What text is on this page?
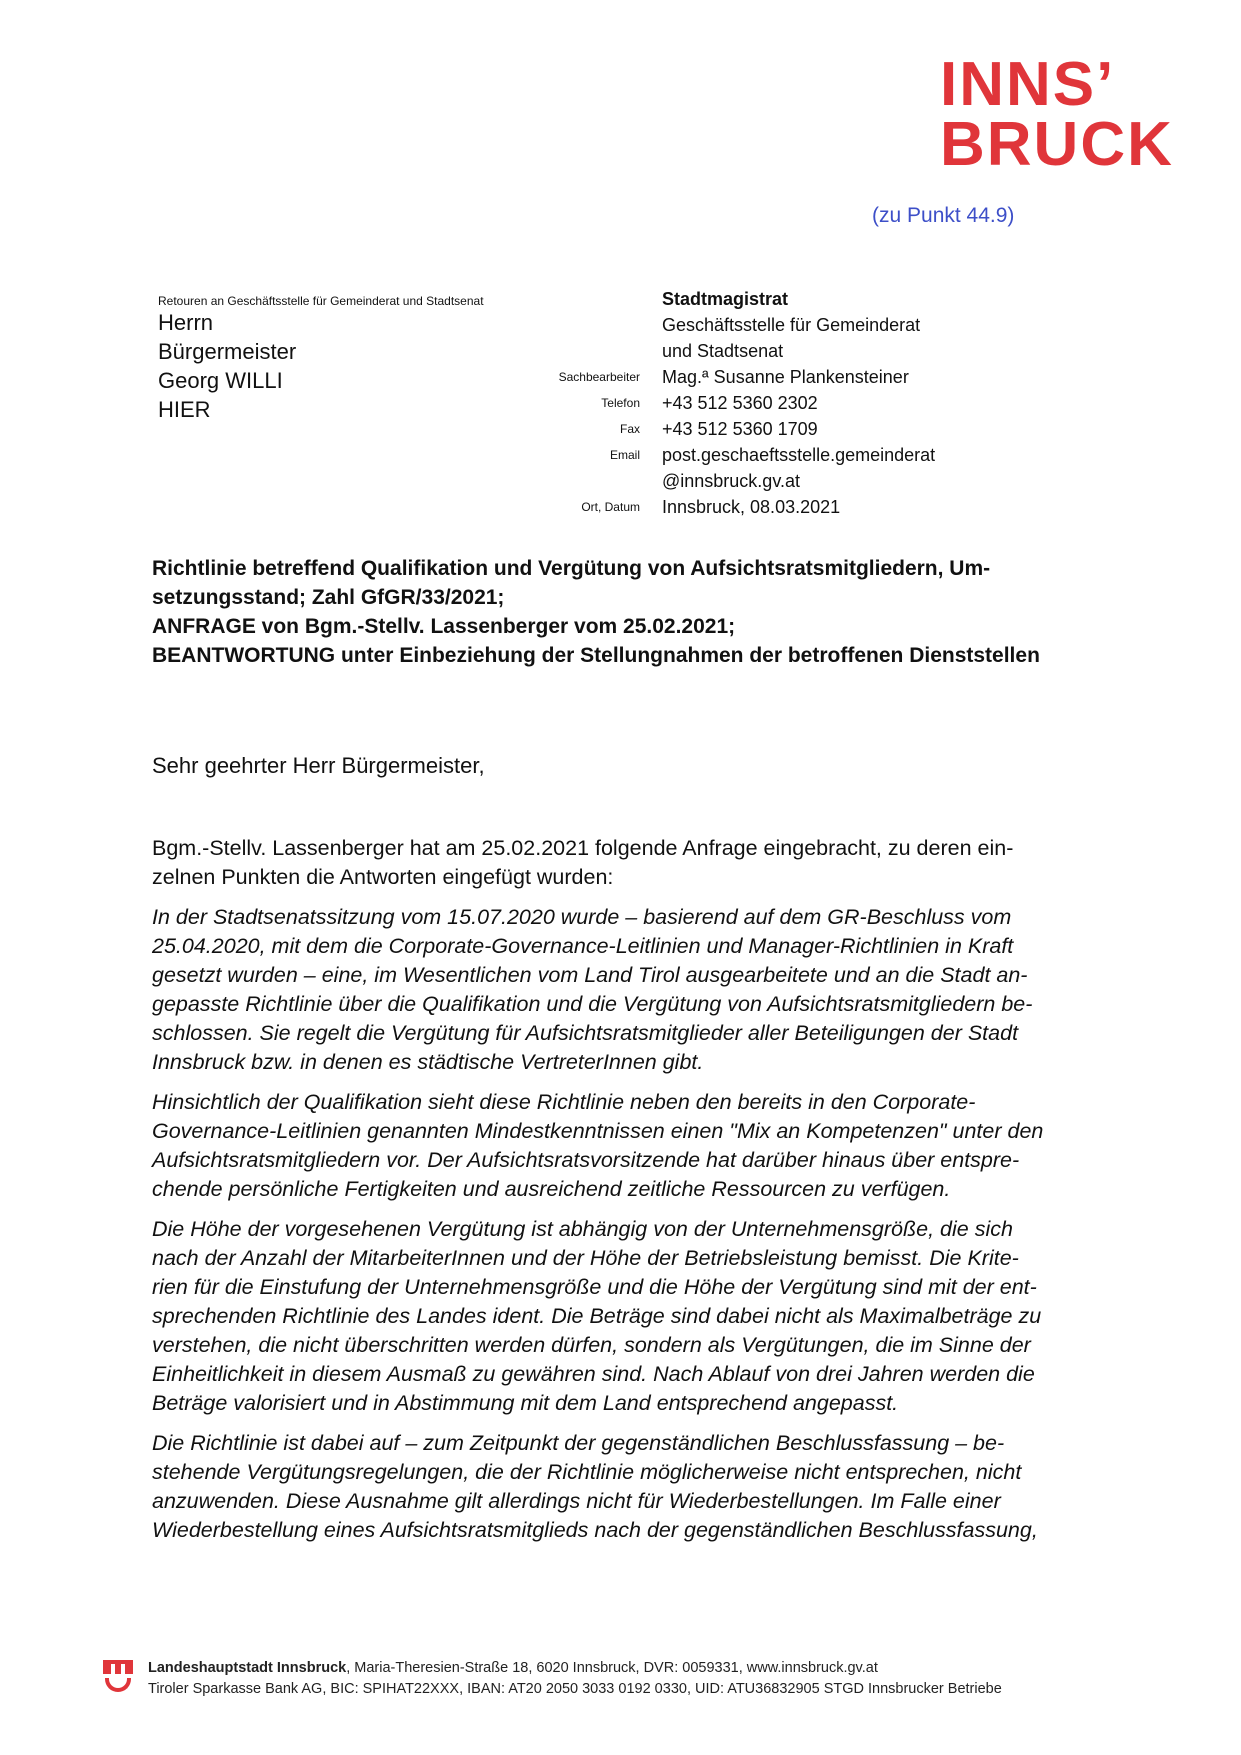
INNS’
BRUCK
(zu Punkt 44.9)
Retouren an Geschäftsstelle für Gemeinderat und Stadtsenat
Herrn
Bürgermeister
Georg WILLI
HIER
Stadtmagistrat
Geschäftsstelle für Gemeinderat
und Stadtsenat
Sachbearbeiter	Mag.ª Susanne Plankensteiner
Telefon	+43 512 5360 2302
Fax	+43 512 5360 1709
Email	post.geschaeftsstelle.gemeinderat
@innsbruck.gv.at
Ort, Datum	Innsbruck, 08.03.2021
Richtlinie betreffend Qualifikation und Vergütung von Aufsichtsratsmitgliedern, Um-
setzungsstand; Zahl GfGR/33/2021;
ANFRAGE von Bgm.-Stellv. Lassenberger vom 25.02.2021;
BEANTWORTUNG unter Einbeziehung der Stellungnahmen der betroffenen Dienststellen
Sehr geehrter Herr Bürgermeister,

Bgm.-Stellv. Lassenberger hat am 25.02.2021 folgende Anfrage eingebracht, zu deren ein-
zelnen Punkten die Antworten eingefügt wurden:

In der Stadtsenatssitzung vom 15.07.2020 wurde – basierend auf dem GR-Beschluss vom
25.04.2020, mit dem die Corporate-Governance-Leitlinien und Manager-Richtlinien in Kraft
gesetzt wurden – eine, im Wesentlichen vom Land Tirol ausgearbeitete und an die Stadt an-
gepasste Richtlinie über die Qualifikation und die Vergütung von Aufsichtsratsmitgliedern be-
schlossen. Sie regelt die Vergütung für Aufsichtsratsmitglieder aller Beteiligungen der Stadt
Innsbruck bzw. in denen es städtische VertreterInnen gibt.

Hinsichtlich der Qualifikation sieht diese Richtlinie neben den bereits in den Corporate-
Governance-Leitlinien genannten Mindestkenntnissen einen "Mix an Kompetenzen" unter den
Aufsichtsratsmitgliedern vor. Der Aufsichtsratsvorsitzende hat darüber hinaus über entspre-
chende persönliche Fertigkeiten und ausreichend zeitliche Ressourcen zu verfügen.

Die Höhe der vorgesehenen Vergütung ist abhängig von der Unternehmensgröße, die sich
nach der Anzahl der MitarbeiterInnen und der Höhe der Betriebsleistung bemisst. Die Krite-
rien für die Einstufung der Unternehmensgröße und die Höhe der Vergütung sind mit der ent-
sprechenden Richtlinie des Landes ident. Die Beträge sind dabei nicht als Maximalbeträge zu
verstehen, die nicht überschritten werden dürfen, sondern als Vergütungen, die im Sinne der
Einheitlichkeit in diesem Ausmaß zu gewähren sind. Nach Ablauf von drei Jahren werden die
Beträge valorisiert und in Abstimmung mit dem Land entsprechend angepasst.

Die Richtlinie ist dabei auf – zum Zeitpunkt der gegenständlichen Beschlussfassung – be-
stehende Vergütungsregelungen, die der Richtlinie möglicherweise nicht entsprechen, nicht
anzuwenden. Diese Ausnahme gilt allerdings nicht für Wiederbestellungen. Im Falle einer
Wiederbestellung eines Aufsichtsratsmitglieds nach der gegenständlichen Beschlussfassung,

Landeshauptstadt Innsbruck, Maria-Theresien-Straße 18, 6020 Innsbruck, DVR: 0059331, www.innsbruck.gv.at
Tiroler Sparkasse Bank AG, BIC: SPIHAT22XXX, IBAN: AT20 2050 3033 0192 0330, UID: ATU36832905 STGD Innsbrucker Betriebe
